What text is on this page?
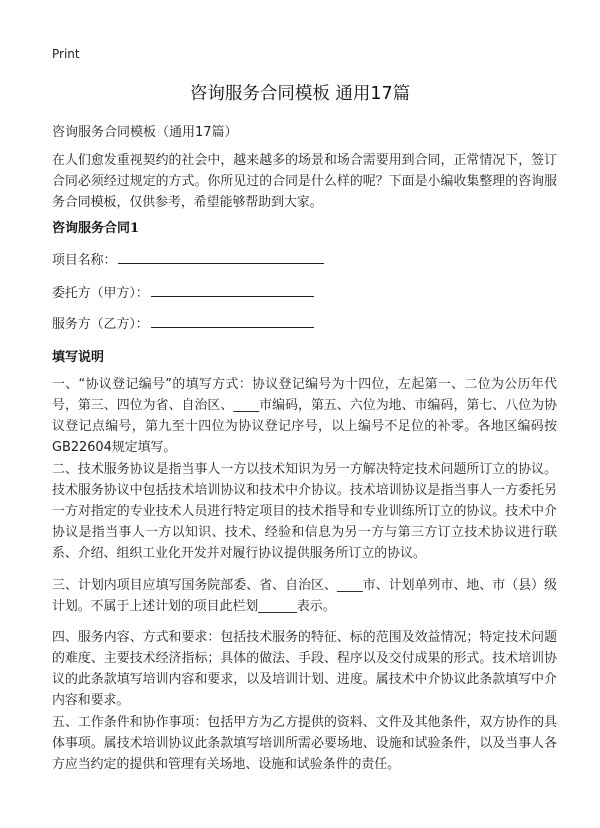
Print
咨询服务合同模板 通用17篇
咨询服务合同模板（通用17篇）

在人们愈发重视契约的社会中，越来越多的场景和场合需要用到合同，正常情况下，签订合同必须经过规定的方式。你所见过的合同是什么样的呢？下面是小编收集整理的咨询服务合同模板，仅供参考，希望能够帮助到大家。

咨询服务合同1
项目名称：
委托方（甲方）：
服务方（乙方）：
填写说明

一、“协议登记编号”的填写方式：协议登记编号为十四位，左起第一、二位为公历年代号，第三、四位为省、自治区、____市编码，第五、六位为地、市编码，第七、八位为协议登记点编号，第九至十四位为协议登记序号，以上编号不足位的补零。各地区编码按GB22604规定填写。

二、技术服务协议是指当事人一方以技术知识为另一方解决特定技术问题所订立的协议。技术服务协议中包括技术培训协议和技术中介协议。技术培训协议是指当事人一方委托另一方对指定的专业技术人员进行特定项目的技术指导和专业训练所订立的协议。技术中介协议是指当事人一方以知识、技术、经验和信息为另一方与第三方订立技术协议进行联系、介绍、组织工业化开发并对履行协议提供服务所订立的协议。

三、计划内项目应填写国务院部委、省、自治区、____市、计划单列市、地、市（县）级计划。不属于上述计划的项目此栏划______表示。

四、服务内容、方式和要求：包括技术服务的特征、标的范围及效益情况；特定技术问题的难度、主要技术经济指标；具体的做法、手段、程序以及交付成果的形式。技术培训协议的此条款填写培训内容和要求，以及培训计划、进度。属技术中介协议此条款填写中介内容和要求。

五、工作条件和协作事项：包括甲方为乙方提供的资料、文件及其他条件，双方协作的具体事项。属技术培训协议此条款填写培训所需必要场地、设施和试验条件，以及当事人各方应当约定的提供和管理有关场地、设施和试验条件的责任。
